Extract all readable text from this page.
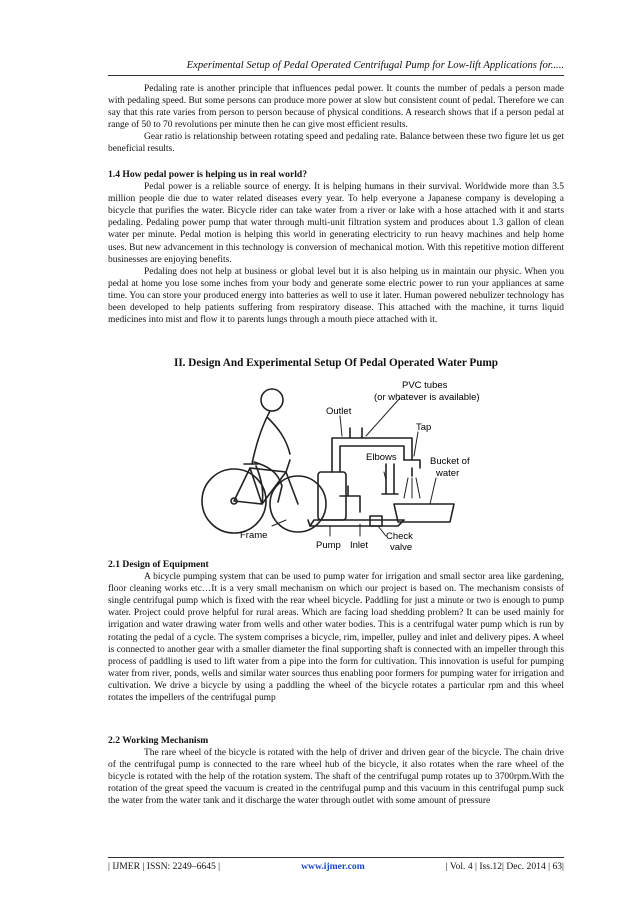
Experimental Setup of Pedal Operated Centrifugal Pump for Low-lift Applications for.....

Pedaling rate is another principle that influences pedal power. It counts the number of pedals a person made with pedaling speed. But some persons can produce more power at slow but consistent count of pedal. Therefore we can say that this rate varies from person to person because of physical conditions. A research shows that if a person pedal at range of 50 to 70 revolutions per minute then he can give most efficient results.

Gear ratio is relationship between rotating speed and pedaling rate. Balance between these two figure let us get beneficial results.

1.4 How pedal power is helping us in real world?

Pedal power is a reliable source of energy. It is helping humans in their survival. Worldwide more than 3.5 million people die due to water related diseases every year. To help everyone a Japanese company is developing a bicycle that purifies the water. Bicycle rider can take water from a river or lake with a hose attached with it and starts pedaling. Pedaling power pump that water through multi-unit filtration system and produces about 1.3 gallon of clean water per minute. Pedal motion is helping this world in generating electricity to run heavy machines and help home uses. But new advancement in this technology is conversion of mechanical motion. With this repetitive motion different businesses are enjoying benefits.

Pedaling does not help at business or global level but it is also helping us in maintain our physic. When you pedal at home you lose some inches from your body and generate some electric power to run your appliances at same time. You can store your produced energy into batteries as well to use it later. Human powered nebulizer technology has been developed to help patients suffering from respiratory disease. This attached with the machine, it turns liquid medicines into mist and flow it to parents lungs through a mouth piece attached with it.

II. Design And Experimental Setup Of Pedal Operated Water Pump
PVC tubes
(or whatever is available)
Outlet
Tap
Elbows	Bucket of
water
Frame
Pump Inlet
Check
valve
2.1 Design of Equipment

A bicycle pumping system that can be used to pump water for irrigation and small sector area like gardening, floor cleaning works etc…It is a very small mechanism on which our project is based on. The mechanism consists of single centrifugal pump which is fixed with the rear wheel bicycle. Paddling for just a minute or two is enough to pump water. Project could prove helpful for rural areas. Which are facing load shedding problem? It can be used mainly for irrigation and water drawing water from wells and other water bodies. This is a centrifugal water pump which is run by rotating the pedal of a cycle. The system comprises a bicycle, rim, impeller, pulley and inlet and delivery pipes. A wheel is connected to another gear with a smaller diameter the final supporting shaft is connected with an impeller through this process of paddling is used to lift water from a pipe into the form for cultivation. This innovation is useful for pumping water from river, ponds, wells and similar water sources thus enabling poor formers for pumping water for irrigation and cultivation. We drive a bicycle by using a paddling the wheel of the bicycle rotates a particular rpm and this wheel rotates the impellers of the centrifugal pump

2.2 Working Mechanism

The rare wheel of the bicycle is rotated with the help of driver and driven gear of the bicycle. The chain drive of the centrifugal pump is connected to the rare wheel hub of the bicycle, it also rotates when the rare wheel of the bicycle is rotated with the help of the rotation system. The shaft of the centrifugal pump rotates up to 3700rpm.With the rotation of the great speed the vacuum is created in the centrifugal pump and this vacuum in this centrifugal pump suck the water from the water tank and it discharge the water through outlet with some amount of pressure

| IJMER | ISSN: 2249–6645 |	www.ijmer.com	| Vol. 4 | Iss.12| Dec. 2014 | 63|
